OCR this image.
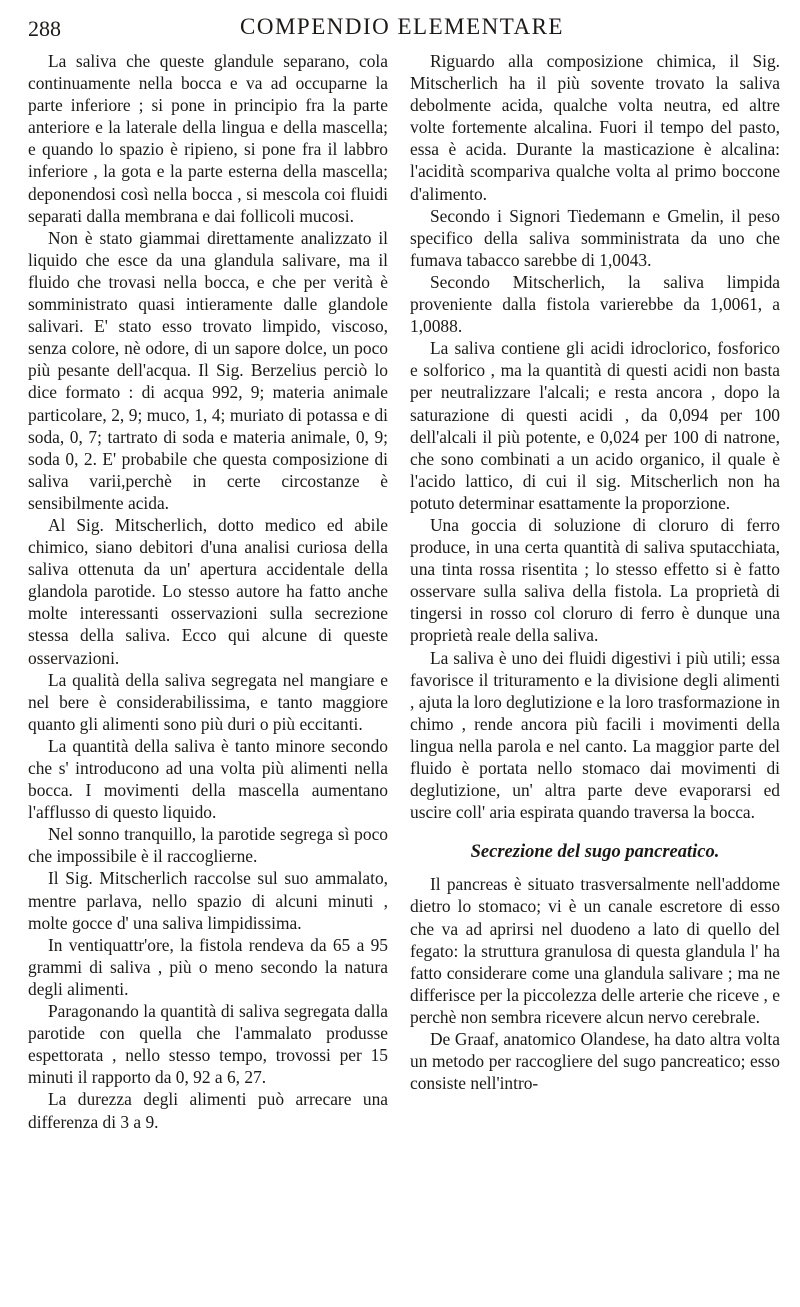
288	COMPENDIO ELEMENTARE

La saliva che queste glandule separano, cola continuamente nella bocca e va ad occuparne la parte inferiore ; si pone in principio fra la parte anteriore e la laterale della lingua e della mascella; e quando lo spazio è ripieno, si pone fra il labbro inferiore , la gota e la parte esterna della mascella; deponendosi così nella bocca , si mescola coi fluidi separati dalla membrana e dai follicoli mucosi.

Non è stato giammai direttamente analizzato il liquido che esce da una glandula salivare, ma il fluido che trovasi nella bocca, e che per verità è somministrato quasi intieramente dalle glandole salivari. E' stato esso trovato limpido, viscoso, senza colore, nè odore, di un sapore dolce, un poco più pesante dell'acqua. Il Sig. Berzelius perciò lo dice formato : di acqua 992, 9; materia animale particolare, 2, 9; muco, 1, 4; muriato di potassa e di soda, 0, 7; tartrato di soda e materia animale, 0, 9; soda 0, 2. E' probabile che questa composizione di saliva varii,perchè in certe circostanze è sensibilmente acida.

Al Sig. Mitscherlich, dotto medico ed abile chimico, siano debitori d'una analisi curiosa della saliva ottenuta da un' apertura accidentale della glandola parotide. Lo stesso autore ha fatto anche molte interessanti osservazioni sulla secrezione stessa della saliva. Ecco qui alcune di queste osservazioni.

La qualità della saliva segregata nel mangiare e nel bere è considerabilissima, e tanto maggiore quanto gli alimenti sono più duri o più eccitanti.

La quantità della saliva è tanto minore secondo che s' introducono ad una volta più alimenti nella bocca. I movimenti della mascella aumentano l'afflusso di questo liquido.

Nel sonno tranquillo, la parotide segrega sì poco che impossibile è il raccoglierne.

Il Sig. Mitscherlich raccolse sul suo ammalato, mentre parlava, nello spazio di alcuni minuti , molte gocce d' una saliva limpidissima.

In ventiquattr'ore, la fistola rendeva da 65 a 95 grammi di saliva , più o meno secondo la natura degli alimenti.

Paragonando la quantità di saliva segregata dalla parotide con quella che l'ammalato produsse espettorata , nello stesso tempo, trovossi per 15 minuti il rapporto da 0, 92 a 6, 27.

La durezza degli alimenti può arrecare una differenza di 3 a 9.

Riguardo alla composizione chimica, il Sig. Mitscherlich ha il più sovente trovato la saliva debolmente acida, qualche volta neutra, ed altre volte fortemente alcalina. Fuori il tempo del pasto, essa è acida. Durante la masticazione è alcalina: l'acidità scompariva qualche volta al primo boccone d'alimento.

Secondo i Signori Tiedemann e Gmelin, il peso specifico della saliva somministrata da uno che fumava tabacco sarebbe di 1,0043.

Secondo Mitscherlich, la saliva limpida proveniente dalla fistola varierebbe da 1,0061, a 1,0088.

La saliva contiene gli acidi idroclorico, fosforico e solforico , ma la quantità di questi acidi non basta per neutralizzare l'alcali; e resta ancora , dopo la saturazione di questi acidi , da 0,094 per 100 dell'alcali il più potente, e 0,024 per 100 di natrone, che sono combinati a un acido organico, il quale è l'acido lattico, di cui il sig. Mitscherlich non ha potuto determinar esattamente la proporzione.

Una goccia di soluzione di cloruro di ferro produce, in una certa quantità di saliva sputacchiata, una tinta rossa risentita ; lo stesso effetto si è fatto osservare sulla saliva della fistola. La proprietà di tingersi in rosso col cloruro di ferro è dunque una proprietà reale della saliva.

La saliva è uno dei fluidi digestivi i più utili; essa favorisce il trituramento e la divisione degli alimenti , ajuta la loro deglutizione e la loro trasformazione in chimo , rende ancora più facili i movimenti della lingua nella parola e nel canto. La maggior parte del fluido è portata nello stomaco dai movimenti di deglutizione, un' altra parte deve evaporarsi ed uscire coll' aria espirata quando traversa la bocca.

Secrezione del sugo pancreatico.

Il pancreas è situato trasversalmente nell'addome dietro lo stomaco; vi è un canale escretore di esso che va ad aprirsi nel duodeno a lato di quello del fegato: la struttura granulosa di questa glandula l' ha fatto considerare come una glandula salivare ; ma ne differisce per la piccolezza delle arterie che riceve , e perchè non sembra ricevere alcun nervo cerebrale.

De Graaf, anatomico Olandese, ha dato altra volta un metodo per raccogliere del sugo pancreatico; esso consiste nell'intro-
